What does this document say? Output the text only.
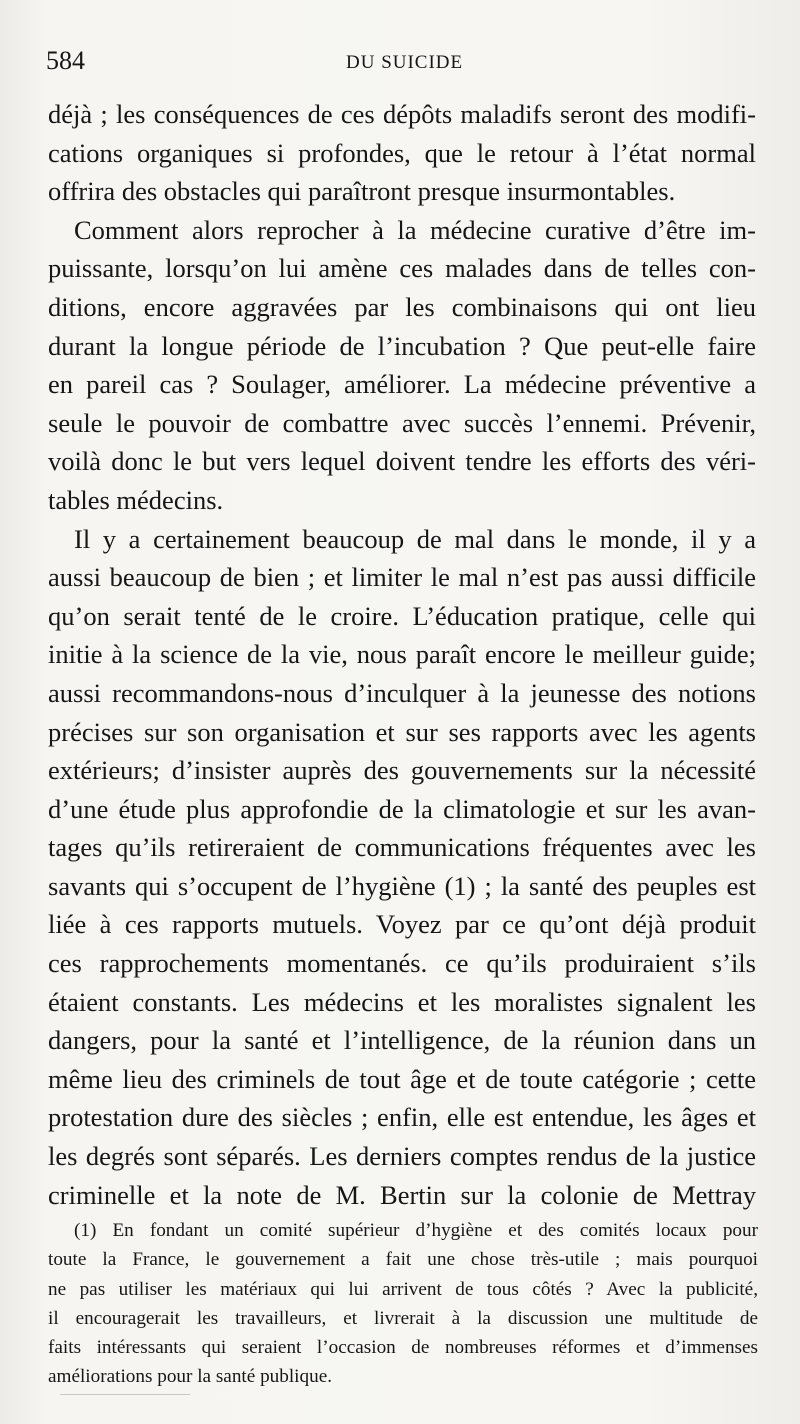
584	DU SUICIDE
déjà ; les conséquences de ces dépôts maladifs seront des modifi-
cations organiques si profondes, que le retour à l’état normal
offrira des obstacles qui paraîtront presque insurmontables.
Comment alors reprocher à la médecine curative d’être im-
puissante, lorsqu’on lui amène ces malades dans de telles con-
ditions, encore aggravées par les combinaisons qui ont lieu
durant la longue période de l’incubation ? Que peut-elle faire
en pareil cas ? Soulager, améliorer. La médecine préventive a
seule le pouvoir de combattre avec succès l’ennemi. Prévenir,
voilà donc le but vers lequel doivent tendre les efforts des véri-
tables médecins.
Il y a certainement beaucoup de mal dans le monde, il y a
aussi beaucoup de bien ; et limiter le mal n’est pas aussi difficile
qu’on serait tenté de le croire. L’éducation pratique, celle qui
initie à la science de la vie, nous paraît encore le meilleur guide;
aussi recommandons-nous d’inculquer à la jeunesse des notions
précises sur son organisation et sur ses rapports avec les agents
extérieurs; d’insister auprès des gouvernements sur la nécessité
d’une étude plus approfondie de la climatologie et sur les avan-
tages qu’ils retireraient de communications fréquentes avec les
savants qui s’occupent de l’hygiène (1) ; la santé des peuples est
liée à ces rapports mutuels. Voyez par ce qu’ont déjà produit
ces rapprochements momentanés. ce qu’ils produiraient s’ils
étaient constants. Les médecins et les moralistes signalent les
dangers, pour la santé et l’intelligence, de la réunion dans un
même lieu des criminels de tout âge et de toute catégorie ; cette
protestation dure des siècles ; enfin, elle est entendue, les âges et
les degrés sont séparés. Les derniers comptes rendus de la justice
criminelle et la note de M. Bertin sur la colonie de Mettray
(1) En fondant un comité supérieur d’hygiène et des comités locaux pour
toute la France, le gouvernement a fait une chose très-utile ; mais pourquoi
ne pas utiliser les matériaux qui lui arrivent de tous côtés ? Avec la publicité,
il encouragerait les travailleurs, et livrerait à la discussion une multitude de
faits intéressants qui seraient l’occasion de nombreuses réformes et d’immenses
améliorations pour la santé publique.
